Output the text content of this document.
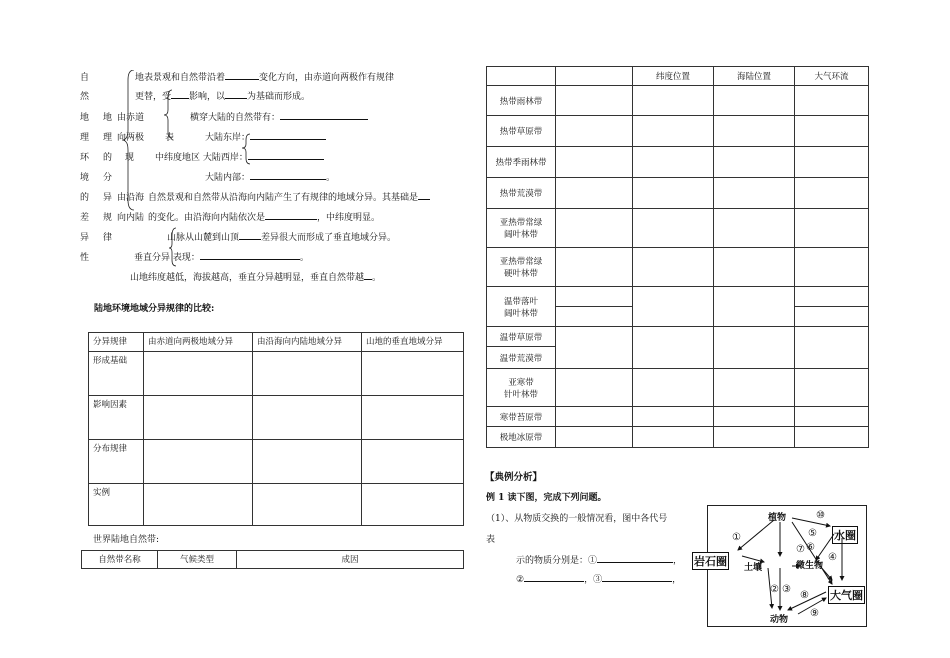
自
然
地
理
环
境
的
差
异
性
地
理
的
分
异
规
律
由赤道
向两极
现
表
由沿海
向内陆
地表景观和自然带沿着	变化方向，由赤道向两极作有规律
更替，受 影响，以 为基础而形成。
横穿大陆的自然带有：
大陆东岸：
中纬度地区 大陆西岸：
大陆内部：	。
自然景观和自然带从沿海向内陆产生了有规律的地域分异。其基础是
的变化。由沿海向内陆依次是	，中纬度明显。
山脉从山麓到山顶 差异很大而形成了垂直地域分异。
垂直分异 表现：	。
山地纬度越低，海拔越高，垂直分异越明显，垂直自然带越 。
陆地环境地域分异规律的比较:
分异规律	由赤道向两极地域分异	由沿海向内陆地域分异	山地的垂直地域分异
形成基础			
影响因素			
分布规律			
实例			
世界陆地自然带:
自然带名称	气候类型	成因
		纬度位置	海陆位置	大气环流
热带雨林带				
热带草原带				
热带季雨林带				
热带荒漠带				
亚热带常绿
阔叶林带				
亚热带常绿
硬叶林带				
温带落叶
阔叶林带				

温带草原带				
温带荒漠带				
亚寒带
针叶林带				
寒带苔原带				
极地冰原带				
【典例分析】
例 1 读下图，完成下列问题。
（1）、从物质交换的一般情况看，图中各代号
表
示的物质分别是：①	，
②	，③	，
植物
水圈
岩石圈 土壤	微生物
大气圈
动物
①
⑦ ⑥
⑤
⑩
④
② ③
⑧
⑨
